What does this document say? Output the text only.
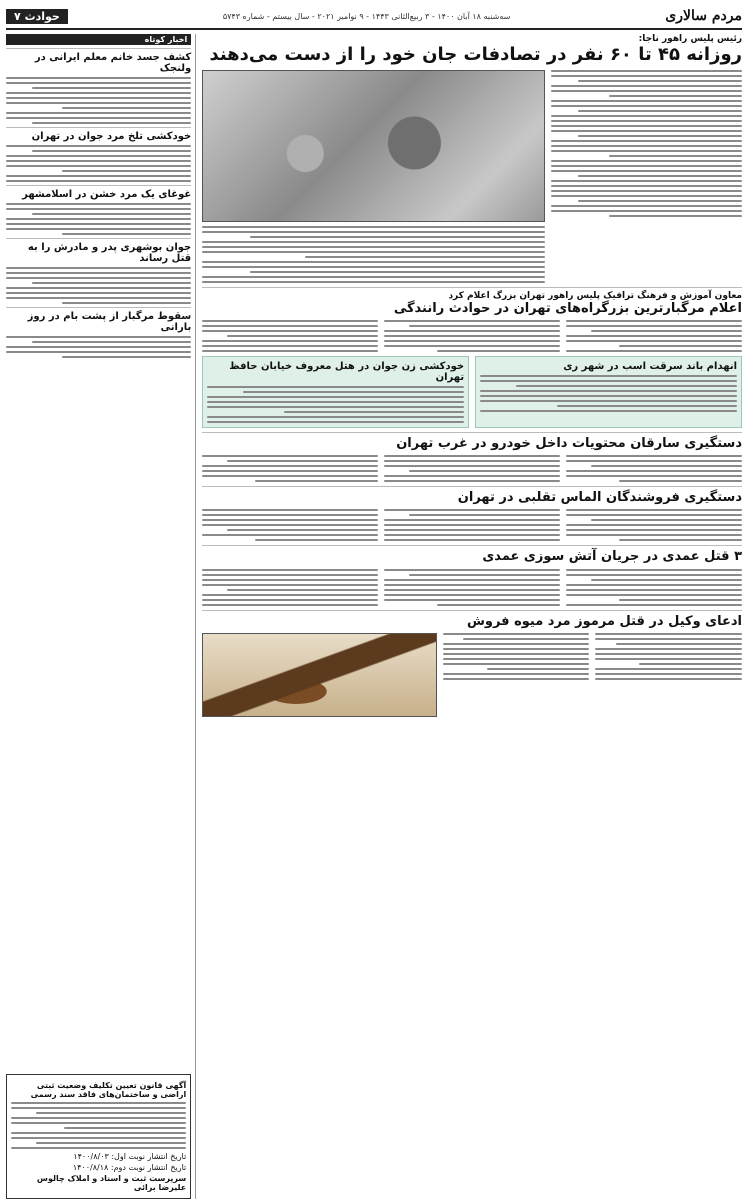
مردم سالاری
سه‌شنبه ۱۸ آبان ۱۴۰۰ - ۳ ربیع‌الثانی ۱۴۴۳ - ۹ نوامبر ۲۰۲۱ - سال بیستم - شماره ۵۷۴۳
حوادث ۷

رئیس پلیس راهور ناجا:

روزانه ۴۵ تا ۶۰ نفر در تصادفات جان خود را از دست می‌دهند

معاون آموزش و فرهنگ ترافیک پلیس راهور تهران بزرگ اعلام کرد

اعلام مرگبارترین بزرگراه‌های تهران در حوادث رانندگی
انهدام باند سرقت اسب در شهر ری
خودکشی زن جوان در هتل معروف خیابان حافظ تهران
دستگیری سارقان محتویات داخل خودرو در غرب تهران
دستگیری فروشندگان الماس تقلبی در تهران
۳ قتل عمدی در جریان آتش سوزی عمدی
ادعای وکیل در قتل مرموز مرد میوه فروش
اخبار کوتاه
کشف جسد خانم معلم ایرانی در ولنجک
خودکشی تلخ مرد جوان در تهران
غوغای یک مرد خشن در اسلامشهر
جوان بوشهری پدر و مادرش را به قتل رساند
سقوط مرگبار از پشت بام در روز بارانی

آگهی قانون تعیین تکلیف وضعیت ثبتی اراضی و ساختمان‌های فاقد سند رسمی

تاریخ انتشار نوبت اول: ۱۴۰۰/۸/۰۳

تاریخ انتشار نوبت دوم: ۱۴۰۰/۸/۱۸

سرپرست ثبت و اسناد و املاک چالوس علیرضا برائی
